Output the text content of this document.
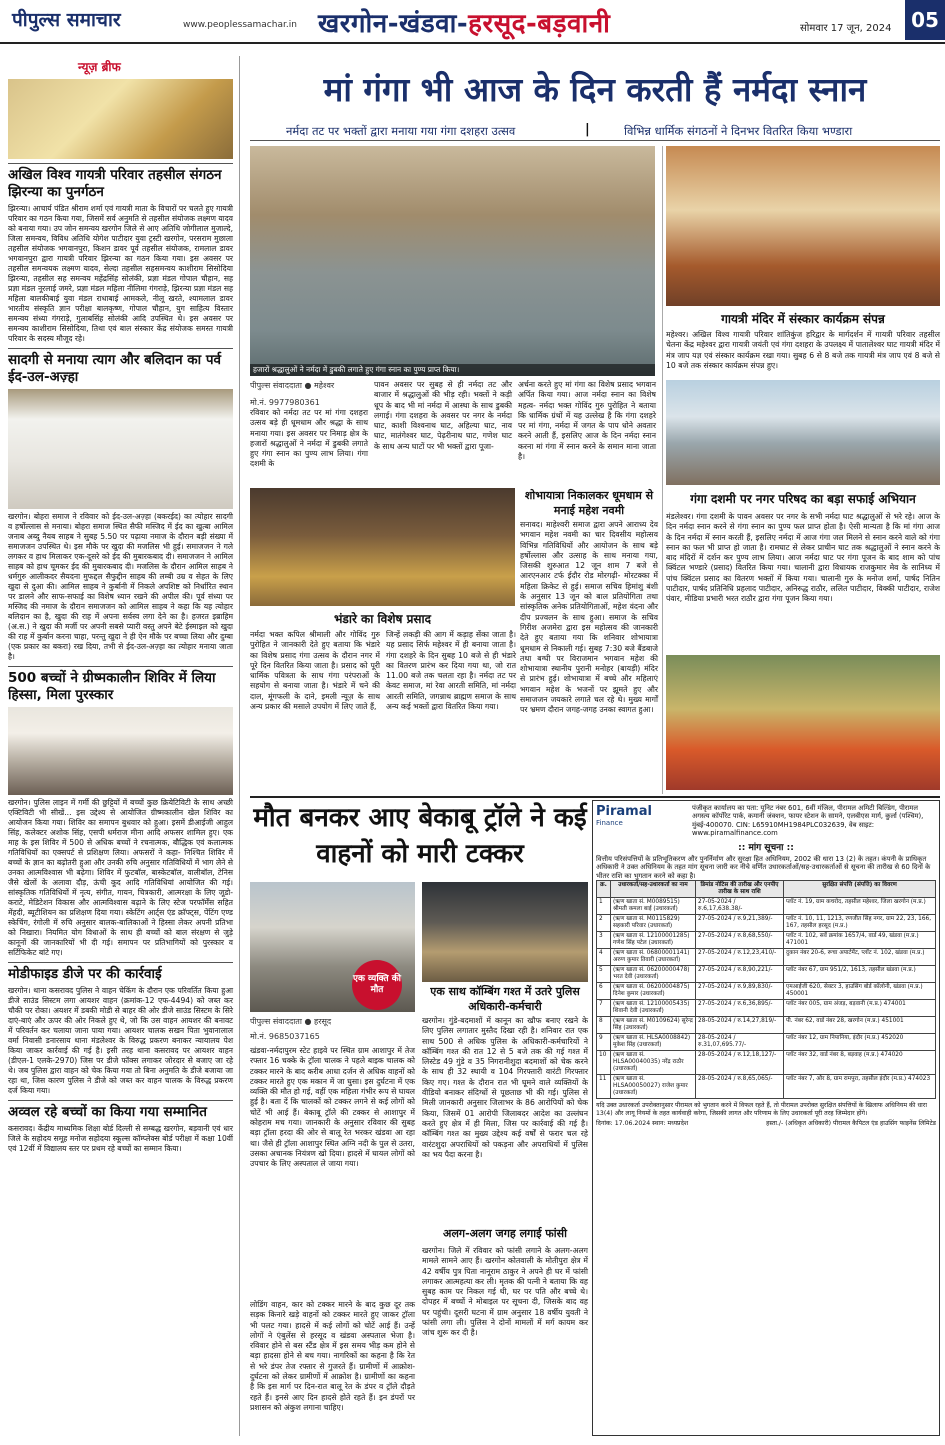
पीपुल्स समाचार	www.peoplessamachar.in खरगोन-खंडवा-हरसूद-बड़वानी	सोमवार 17 जून, 2024 05
न्यूज़ ब्रीफ
अखिल विश्व गायत्री परिवार तहसील संगठन झिरन्या का पुनर्गठन
झिरन्या। आचार्य पंडित श्रीराम शर्मा एवं गायत्री माता के विचारों पर चलते हुए गायत्री परिवार का गठन किया गया, जिसमें सर्व अनुमति से तहसील संयोजक लक्ष्मण यादव को बनाया गया। उप जोन समन्वय खरगोन जिले से आए अतिथि जोगीलाल मुजाल्दे, जिला समन्वय, विविध अतिथि योगेश पाटीदार युवा ट्रस्टी खरगोन, परसराम मुछाला तहसील संयोजक भगवानपुरा, किशन डावर पूर्व तहसील संयोजक, रामलाल डावर भगवानपुरा द्वारा गायत्री परिवार झिरन्या का गठन किया गया। इस अवसर पर तहसील समन्वयक लक्ष्मण यादव, सेल्दा तहसील सहसमन्वय काशीराम सिसोदिया झिरन्या, तहसील सह समन्वय महेंद्रसिंह सोलंकी, प्रज्ञा मंडल गोपाल चौहान, सह प्रज्ञा मंडल नूरलाई जमरे, प्रज्ञा मंडल महिला नीलिमा गंगराड़े, झिरन्या प्रज्ञा मंडल सह महिला बालकीबाई युवा मंडल राधाबाई आमकले, नीलू खरते, श्यामलाल डावर भारतीय संस्कृति ज्ञान परीक्षा बालकृष्ण, गोपाल चौहान, युग साहित्य विस्तार समन्वय संध्या गंगराड़े, गुलाबसिंह सोलंकी आदि उपस्थित थे। इस अवसर पर समन्वय काशीराम सिसोदिया, तिथा एवं बाल संस्कार केंद्र संयोजक समस्त गायत्री परिवार के सदस्य मौजूद रहे।
सादगी से मनाया त्याग और बलिदान का पर्व ईद-उल-अज़्हा
खरगोन। बोहरा समाज ने रविवार को ईद-उल-अज़्हा (बकरईद) का त्योहार सादगी व हर्षोल्लास से मनाया। बोहरा समाज स्थित सैफी मस्जिद में ईद का खुत्बा आमिल जनाब अब्दु नैयब साहब ने सुबह 5.50 पर पढ़ाया नमाज के दौरान बड़ी संख्या में समाजजन उपस्थित थे। इस मौके पर खुदा की मजलिस भी हुई। समाजजन ने गले लगकर व हाथ मिलाकर एक-दूसरे को ईद की मुबारकबाद दी। समाजजन ने आमिल साहब को हाथ चूमकर ईद की मुबारकबाद दी। मजलिस के दौरान आमिल साहब ने धर्मगुरु आलीकदर सैयदना मुफद्दल सैफुद्दीन साहब की लम्बी उम्र व सेहत के लिए खुदा से दुआ की। आमिल साहब ने कुर्बानी में निकले अपशिष्ट को निर्धारित स्थान पर डालने और साफ-सफाई का विशेष ध्यान रखने की अपील की। पूर्व संध्या पर मस्जिद की नमाज के दौरान समाजजन को आमिल साहब ने कहा कि यह त्योहार बलिदान का है, खुदा की राह में अपना सर्वस्व लगा देने का है। हजरत इब्राहिम (अ.स.) ने खुदा की मर्जी पर अपनी सबसे प्यारी वस्तु अपने बेटे ईस्माइल को खुदा की राह में कुर्बान करना चाहा, परन्तु खुदा ने ही ऐन मौके पर बच्चा लिया और दुम्बा (एक प्रकार का बकरा) रख दिया, तभी से ईद-उल-अज़्हा का त्योहार मनाया जाता है।
500 बच्चों ने ग्रीष्मकालीन शिविर में लिया हिस्सा, मिला पुरस्कार
खरगोन। पुलिस लाइन में गर्मी की छुट्टियों में बच्चों कुछ क्रियेटिविटी के साथ अच्छी एक्टिविटी भी सीखें... इस उद्देश्य से आयोजित ग्रीष्मकालीन खेल शिविर का आयोजन किया गया। शिविर का समापन बुधवार को हुआ। इसमें डीआईजी आहुल सिंह, कलेक्टर अशोक सिंह, एसपी धर्मराज मीना आदि अफसर शामिल हुए। एक माह के इस शिविर में 500 से अधिक बच्चों ने रचनात्मक, बौद्धिक एवं कलात्मक गतिविधियों का एक्सपर्ट से प्रशिक्षण लिया। अफसरों ने कहा- निश्चित शिविर में बच्चों के ज्ञान का बढ़ोतरी हुआ और उनकी रुचि अनुसार गतिविधियों में भाग लेने से उनका आत्मविश्वास भी बढ़ेगा। शिविर में फुटबॉल, बास्केटबॉल, वालीबॉल, टेनिस जैसे खेलों के अलावा दौड़, ऊंची कूद आदि गतिविधियां आयोजित की गई। सांस्कृतिक गतिविधियों में नृत्य, संगीत, गायन, चित्रकारी, आत्मरक्षा के लिए जूडो-कराटे, मेडिटेशन विकास और आत्मविश्वास बढ़ाने के लिए स्टेज परफॉर्मेंस सहित मेंहदी, ब्यूटीशियन का प्रशिक्षण दिया गया। स्केटिंग आर्ट्स एंड क्रॉफ्ट्स, पेंटिंग एण्ड स्केचिंग, रंगोली में रुचि अनुसार बालक-बालिकाओं ने हिस्सा लेकर अपनी प्रतिभा को निखारा। नियमित योग विधाओं के साथ ही बच्चों को बाल संरक्षण से जुड़े कानूनों की जानकारियों भी दी गई। समापन पर प्रतिभागियों को पुरस्कार व सर्टिफिकेट बांटे गए।
मोडीफाइड डीजे पर की कार्रवाई
खरगोन। थाना कसरावद पुलिस ने वाहन चेकिंग के दौरान एक परिवर्तित किया हुआ डीजे साउंड सिस्टम लगा आयशर वाहन (क्रमांक-12 एफ-4494) को जब्त कर चौकी पर रोका। अयशर में डबकी मोडी से बाहर की ओर डीजे साउंड सिस्टम के सिरे दाएं-बाएं और ऊपर की ओर निकले हुए थे, जो कि उस वाहन आयशर की बनावट में परिवर्तन कर चलाया जाना पाया गया। आयशर चालक सखन पिता भुवानालाल वर्मा निवासी डनारसाय थाना मंडलेश्वर के विरुद्ध प्रकरण बनाकर न्यायालय पेश किया जाकर कार्रवाई की गई है। इसी तरह थाना कसरावद पर आयशर वाहन (डीएल-1 एलके-2970) जिस पर डीजे फॉक्स लगाकर जोरदार से बजाए जा रहे थे। जब पुलिस द्वारा वाहन को चेक किया गया तो बिना अनुमति के डीजे बजाया जा रहा था, जिस कारण पुलिस ने डीजे को जब्त कर वाहन चालक के विरुद्ध प्रकरण दर्ज किया गया।
अव्वल रहे बच्चों का किया गया सम्मानित
कसरावद। केंद्रीय माध्यमिक शिक्षा बोर्ड दिल्ली से सम्बद्ध खरगोन, बड़वानी एवं धार जिले के सहोदय समूह मनोज सहोदया स्कूल्स कॉम्प्लेक्स बोर्ड परीक्षा में कक्षा 10वीं एवं 12वीं में विद्यालय स्तर पर प्रथम रहे बच्चों का सम्मान किया।
मां गंगा भी आज के दिन करती हैं नर्मदा स्नान
नर्मदा तट पर भक्तों द्वारा मनाया गया गंगा दशहरा उत्सव	|	विभिन्न धार्मिक संगठनों ने दिनभर वितरित किया भण्डारा
हजारों श्रद्धालुओं ने नर्मदा में डुबकी लगाते हुए गंगा स्नान का पुण्य प्राप्त किया।
पीपुल्स संवाददाता ● महेश्वर
मो.नं. 9977980361
रविवार को नर्मदा तट पर मां गंगा दशहरा उत्सव बड़े ही धूमधाम और श्रद्धा के साथ मनाया गया। इस अवसर पर निमाड़ क्षेत्र के हजारों श्रद्धालुओं ने नर्मदा में डुबकी लगाते हुए गंगा स्नान का पुण्य लाभ लिया। गंगा दशमी के
पावन अवसर पर सुबह से ही नर्मदा तट और बाजार में श्रद्धालुओं की भीड़ रही। भक्तों ने कड़ी धूप के बाद भी मां नर्मदा में आस्था के साथ डुबकी लगाई। गंगा दशहरा के अवसर पर नगर के नर्मदा घाट, काशी विश्वनाथ घाट, अहिल्या घाट, नाव घाट, मातंगेश्वर घाट, पेढ़रीनाथ घाट, गणेश घाट के साथ अन्य घाटों पर भी भक्तों द्वारा पूजा-
अर्चना करते हुए मां गंगा का विशेष प्रसाद भगवान अर्पित किया गया। आज नर्मदा स्नान का विशेष महत्व- नर्मदा भक्त गोविंद गुरु पुरोहित ने बताया कि धार्मिक ग्रंथों में यह उल्लेख है कि गंगा दशहरे पर मां गंगा, नर्मदा में जगत के पाप धोने अवतार करने आती हैं, इसलिए आज के दिन नर्मदा स्नान करना मां गंगा में स्नान करने के समान माना जाता है।
भंडारे का विशेष प्रसाद
नर्मदा भक्त कपिल श्रीमाली और गोविंद गुरु पुरोहित ने जानकारी देते हुए बताया कि भंडारे का विशेष प्रसाद गंगा उत्सव के दौरान नगर में पूरे दिन वितरित किया जाता है। प्रसाद को पूरी धार्मिक पवित्रता के साथ गंगा परंपराओं के सहयोग से बनाया जाता है। भंडारे में चने की दाल, मूंगफली के दाने, इमली न्यूज़ के साथ अन्य प्रकार की मसाले उपयोग में लिए जाते हैं,
जिन्हें लकड़ी की आग में कड़ाह सेंका जाता है। यह प्रसाद सिर्फ महेश्वर में ही बनाया जाता है। गंगा दशहरे के दिन सुबह 10 बजे से ही भंडारे का वितरण प्रारंभ कर दिया गया था, जो रात 11.00 बजे तक चलता रहा है। नर्मदा तट पर केवट समाज, मां रेवा आरती समिति, मां नर्मदा आरती समिति, जगन्नाथ ब्राह्मण समाज के साथ अन्य कई भक्तों द्वारा वितरित किया गया।
शोभायात्रा निकालकर धूमधाम से मनाई महेश नवमी
सनावद। माहेश्वरी समाज द्वारा अपने आराध्य देव भगवान महेश नवमी का चार दिवसीय महोत्सव विभिन्न गतिविधियों और आयोजन के साथ बड़े हर्षोल्लास और उत्साह के साथ मनाया गया, जिसकी शुरुआत 12 जून शाम 7 बजे से आरएनआर टर्फ ईदौर रोड मोरगढ़ी- मोरटक्का में महिला क्रिकेट से हुई। समाज सचिव हिमांशु बंशी के अनुसार 13 जून को बाल प्रतियोगिता तथा सांस्कृतिक अनेक प्रतियोगिताओं, महेश वंदना और दीप प्रज्वलन के साथ हुआ। समाज के सचिव गिरीश अजमेरा द्वारा इस महोत्सव की जानकारी देते हुए बताया गया कि शनिवार शोभायात्रा धूमधाम से निकाली गई। सुबह 7:30 बजे बैंडबाजे तथा बग्घी पर विराजमान भगवान महेश की शोभायात्रा स्थानीय पुरानी मनोहर (बायड़ी) मंदिर से प्रारंभ हुई। शोभायात्रा में बच्चे और महिलाएं भगवान महेश के भजनों पर झूमते हुए और समाजजन जयकारे लगाते चल रहे थे। मुख्य मार्गों पर भ्रमण दौरान जगह-जगह उनका स्वागत हुआ।
गायत्री मंदिर में संस्कार कार्यक्रम संपन्न
महेश्वर। अखिल विश्व गायत्री परिवार शांतिकुंज हरिद्वार के मार्गदर्शन में गायत्री परिवार तहसील चेतना केंद्र महेश्वर द्वारा गायत्री जयंती एवं गंगा दशहरा के उपलक्ष्य में पातालेश्वर घाट गायत्री मंदिर में मंत्र जाप यज्ञ एवं संस्कार कार्यक्रम रखा गया। सुबह 6 से 8 बजे तक गायत्री मंत्र जाप एवं 8 बजे से 10 बजे तक संस्कार कार्यक्रम संपन्न हुए।
गंगा दशमी पर नगर परिषद का बड़ा सफाई अभियान
मंडलेश्वर। गंगा दशमी के पावन अवसर पर नगर के सभी नर्मदा घाट श्रद्धालुओं से भरे रहे। आज के दिन नर्मदा स्नान करने से गंगा स्नान का पुण्य फल प्राप्त होता है। ऐसी मान्यता है कि मां गंगा आज के दिन नर्मदा में स्नान करती हैं, इसलिए नर्मदा में आज गंगा जल मिलने से स्नान करने वाले को गंगा स्नान का फल भी प्राप्त हो जाता है। रामघाट से लेकर प्राचीन घाट तक श्रद्धालुओं ने स्नान करने के बाद मंदिरों में दर्शन कर पुण्य लाभ लिया। आज नर्मदा घाट पर गंगा पूजन के बाद शाम को पांच क्विंटल भण्डारे (प्रसाद) वितरित किया गया। चालानी द्वारा विधायक राजकुमार मेव के सानिध्य में पांच क्विंटल प्रसाद का वितरण भक्तों में किया गया। चालानी गुरु के मनोज शर्मा, पार्षद नितिन पाटीदार, पार्षद प्रतिनिधि प्रहलाद पाटीदार, अनिरुद्ध राठौर, ललित पाटीदार, विक्की पाटीदार, राजेश पंवार, मीडिया प्रभारी भरत राठौर द्वारा गंगा पूजन किया गया।
मौत बनकर आए बेकाबू ट्रॉले ने कई वाहनों को मारी टक्कर
एक व्यक्ति की मौत
पीपुल्स संवाददाता ● हरसूद
मो.नं. 9685037165
खंडवा-नर्मदापुरम स्टेट हाइवे पर स्थित ग्राम आशापुर में तेज रफ्तार 16 चक्के के ट्रॉला चालक ने पहले बाइक चालक को टक्कर मारने के बाद करीब आधा दर्जन से अधिक वाहनों को टक्कर मारते हुए एक मकान में जा घुसा। इस दुर्घटना में एक व्यक्ति की मौत हो गई, वहीं एक महिला गंभीर रूप से घायल हुई है। बता दें कि चालकों को टक्कर लगने से कई लोगों को चोटें भी आई हैं। बेकाबू ट्रॉले की टक्कर से आशापुर में कोहराम मच गया। जानकारी के अनुसार रविवार की सुबह बड़ा ट्रॉला हरदा की ओर से बालू रेत भरकर खंडवा आ रहा था। जैसे ही ट्रॉला आशापुर स्थित अग्नि नदी के पुल से उतरा, उसका अचानक नियंत्रण खो दिया। हादसे में घायल लोगों को उपचार के लिए अस्पताल ले जाया गया।
एक साथ कॉम्बिंग गश्त में उतरे पुलिस अधिकारी-कर्मचारी
खरगोन। गुंडे-बदमाशों में कानून का खौफ बनाए रखने के लिए पुलिस लगातार मुस्तैद दिखा रही है। शनिवार रात एक साथ 500 से अधिक पुलिस के अधिकारी-कर्मचारियों ने कॉम्बिंग गश्त की रात 12 से 5 बजे तक की गई गश्त में लिस्टेड 49 गुंडे व 35 निगरानीशुदा बदमाशों को चेक करने के साथ ही 32 स्थायी व 104 गिरफ्तारी वारंटी गिरफ्तार किए गए। गश्त के दौरान रात भी घूमने वाले व्यक्तियों के वीडियो बनाकर संदिग्धों से पूछताछ भी की गई। पुलिस से मिली जानकारी अनुसार जिलाभर के 86 आरोपियों को चेक किया, जिसमें 01 आरोपी जिलाबदर आदेश का उल्लंघन करते हुए क्षेत्र में ही मिला, जिस पर कार्रवाई की गई है। कॉम्बिंग गश्त का मुख्य उद्देश्य कई वर्षों से फरार चल रहे वारंटशुदा अपराधियों को पकड़ना और अपराधियों में पुलिस का भय पैदा करना है।
अलग-अलग जगह लगाई फांसी
खरगोन। जिले में रविवार को फांसी लगाने के अलग-अलग मामले सामने आए हैं। खरगोन कोतवाली के मोतीपुरा क्षेत्र में 42 वर्षीय पुत्र पिता नानूराम ठाकुर ने अपने ही घर में फांसी लगाकर आत्महत्या कर ली। मृतक की पत्नी ने बताया कि वह सुबह काम पर निकल गई थी, घर पर पति और बच्चे थे। दोपहर में बच्चों ने मोबाइल पर सूचना दी, जिसके बाद वह घर पहुंची। दूसरी घटना में ग्राम अनुसार 18 वर्षीय युवती ने फांसी लगा ली। पुलिस ने दोनों मामलों में मर्ग कायम कर जांच शुरू कर दी है।
लोडिंग वाहन, कार को टक्कर मारने के बाद कुछ दूर तक सड़क किनारे खड़े वाहनों को टक्कर मारते हुए जाकर ट्रॉला भी पलट गया। हादसे में कई लोगों को चोटें आई हैं। उन्हें लोगों ने एंबुलेंस से हरसूद व खंडवा अस्पताल भेजा है। रविवार होने से बस स्टैंड क्षेत्र में इस समय भीड़ कम होने से बड़ा हादसा होने से बच गया। नागरिकों का कहना है कि रेत से भरे डंपर तेज रफ्तार से गुजरते हैं। ग्रामीणों में आक्रोश-दुर्घटना को लेकर ग्रामीणों में आक्रोश है। ग्रामीणों का कहना है कि इस मार्ग पर दिन-रात बालू रेत के डंपर व ट्रॉले दौड़ते रहते हैं। इनसे आए दिन हादसे होते रहते हैं। इन डंपरों पर प्रशासन को अंकुश लगाना चाहिए।
Piramal
Finance
पंजीकृत कार्यालय का पता: यूनिट नंबर 601, 6वीं मंजिल, पीरामल अमिटी बिल्डिंग, पीरामल अगस्त्य कॉर्पोरेट पार्क, कमानी जंक्शन, फायर स्टेशन के सामने, एलबीएस मार्ग, कुर्ला (पश्चिम), मुंबई-400070. CIN: L65910MH1984PLC032639, वेब साइट: www.piramalfinance.com
:: मांग सूचना ::
वित्तीय परिसंपत्तियों के प्रतिभूतिकरण और पुनर्निर्माण और सुरक्षा हित अधिनियम, 2002 की धारा 13 (2) के तहत। कंपनी के प्राधिकृत अधिकारी ने उक्त अधिनियम के तहत मांग सूचना जारी कर नीचे वर्णित उधारकर्ताओं/सह-उधारकर्ताओं से सूचना की तारीख से 60 दिनों के भीतर राशि का भुगतान करने को कहा है।
क्र.	उधारकर्ता/सह-उधारकर्ता का नाम	डिमांड नोटिस की तारीख और एनपीए तारीख के साथ राशि	सुरक्षित संपत्ति (संपत्ति) का विवरण
1	(ऋण खाता सं. M0089515) श्रीमती कमला बाई (उधारकर्ता)	27-05-2024 / रु.6,17,638.38/-	प्लॉट नं. 19, ग्राम कचरोद, तहसील महेश्वर, जिला खरगोन (म.प्र.)
2	(ऋण खाता सं. M0115829) सहकारी परिवार (उधारकर्ता)	27-05-2024 / रु.9,21,389/-	प्लॉट नं. 10, 11, 1213, रणजीत सिंह नगर, ग्राम 22, 23, 166, 167, तहसील हरसूद (म.प्र.)
3	(ऋण खाता सं. 12100001285) गणेश सिंह पटेल (उधारकर्ता)	27-05-2024 / रु.8,68,550/-	प्लॉट नं. 102, सर्वे क्रमांक 1657/4, वार्ड 49, खंडवा (म.प्र.) 471001
4	(ऋण खाता सं. 06800001141) अरुण कुमार तिवारी (उधारकर्ता)	27-05-2024 / रु.12,23,410/-	दुकान नंबर 20-6, रूचा अपार्टमेंट, प्लॉट नं. 102, खंडवा (म.प्र.)
5	(ऋण खाता सं. 06200000478) भरत देवी (उधारकर्ता)	27-05-2024 / रु.8,90,221/-	प्लॉट नंबर 67, ग्राम 951/2, 1613, तहसील खंडवा (म.प्र.)
6	(ऋण खाता सं. 06200004875) दिनेश कुमार (उधारकर्ता)	27-05-2024 / रु.9,89,830/-	एमआईजी 620, सेक्टर 3, हाउसिंग बोर्ड कॉलोनी, खंडवा (म.प्र.) 450001
7	(ऋण खाता सं. 12100005435) शिवानी देवी (उधारकर्ता)	27-05-2024 / रु.6,36,895/-	प्लॉट नंबर 005, ग्राम अंजड़, बड़वानी (म.प्र.) 474001
8	(ऋण खाता सं. M0109624) सुरेन्द्र सिंह (उधारकर्ता)	28-05-2024 / रु.14,27,819/-	पी. नंबर 62, वार्ड नंबर 28, खरगोन (म.प्र.) 451001
9	(ऋण खाता सं. HLSA0008842) मुकेश सिंह (उधारकर्ता)	28-05-2024 / रु.31,07,695.77/-	प्लॉट नंबर 12, ग्राम निपानिया, इंदौर (म.प्र.) 452020
10	(ऋण खाता सं. HLSA00040035) नरेंद्र राठौर (उधारकर्ता)	28-05-2024 / रु.12,18,127/-	प्लॉट नंबर 32, वार्ड नंबर 8, बड़वाह (म.प्र.) 474020
11	(ऋण खाता सं. HLSA00050027) राजेश कुमार (उधारकर्ता)	28-05-2024 / रु.8,65,065/-	प्लॉट नंबर 7, और 8, ग्राम रामपुरा, तहसील इंदौर (म.प्र.) 474023
यदि उक्त उधारकर्ता उपरोक्तानुसार पीरामल को भुगतान करने में विफल रहते हैं, तो पीरामल उपरोक्त सुरक्षित संपत्तियों के खिलाफ अधिनियम की धारा 13(4) और लागू नियमों के तहत कार्यवाही करेगा, जिसकी लागत और परिणाम के लिए उधारकर्ता पूरी तरह जिम्मेदार होंगे।
दिनांक: 17.06.2024 स्थान: मध्यप्रदेश	हस्ता./- (अधिकृत अधिकारी) पीरामल कैपिटल एंड हाउसिंग फाइनेंस लिमिटेड
